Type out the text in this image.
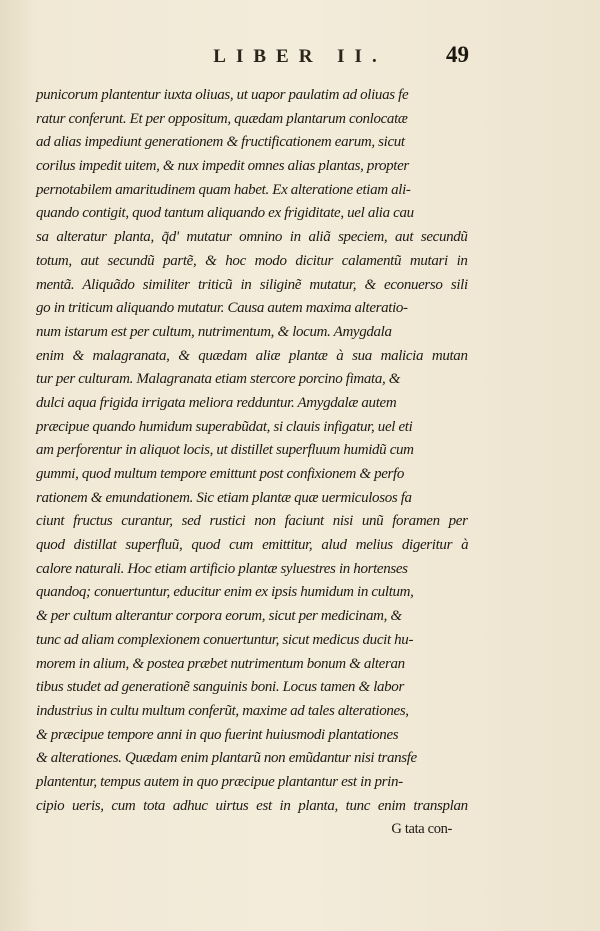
LIBER II.	49
punicorum plantentur iuxta oliuas, ut uapor paulatim ad oliuas fe
ratur conferunt. Et per oppositum, quædam plantarum conlocatæ
ad alias impediunt generationem & fructificationem earum, sicut
corilus impedit uitem, & nux impedit omnes alias plantas, propter
pernotabilem amaritudinem quam habet. Ex alteratione etiam ali-
quando contigit, quod tantum aliquando ex frigiditate, uel alia cau
sa alteratur planta, q̃d' mutatur omnino in aliã speciem, aut secundũ
totum, aut secundũ partẽ, & hoc modo dicitur calamentũ mutari in
mentã. Aliquãdo similiter triticũ in siliginẽ mutatur, & econuerso sili
go in triticum aliquando mutatur. Causa autem maxima alteratio-
num istarum est per cultum, nutrimentum, & locum. Amygdala
enim & malagranata, & quædam aliæ plantæ à sua malicia mutan
tur per culturam. Malagranata etiam stercore porcino fimata, &
dulci aqua frigida irrigata meliora redduntur. Amygdalæ autem
præcipue quando humidum superabũdat, si clauis infigatur, uel eti
am perforentur in aliquot locis, ut distillet superfluum humidũ cum
gummi, quod multum tempore emittunt post confixionem & perfo
rationem & emundationem. Sic etiam plantæ quæ uermiculosos fa
ciunt fructus curantur, sed rustici non faciunt nisi unũ foramen per
quod distillat superfluũ, quod cum emittitur, alud melius digeritur à
calore naturali. Hoc etiam artificio plantæ syluestres in hortenses
quandoq; conuertuntur, educitur enim ex ipsis humidum in cultum,
& per cultum alterantur corpora eorum, sicut per medicinam, &
tunc ad aliam complexionem conuertuntur, sicut medicus ducit hu-
morem in alium, & postea præbet nutrimentum bonum & alteran
tibus studet ad generationẽ sanguinis boni. Locus tamen & labor
industrius in cultu multum conferũt, maxime ad tales alterationes,
& præcipue tempore anni in quo fuerint huiusmodi plantationes
& alterationes. Quædam enim plantarũ non emũdantur nisi transfe
plantentur, tempus autem in quo præcipue plantantur est in prin-
cipio ueris, cum tota adhuc uirtus est in planta, tunc enim transplan
G tata con-
